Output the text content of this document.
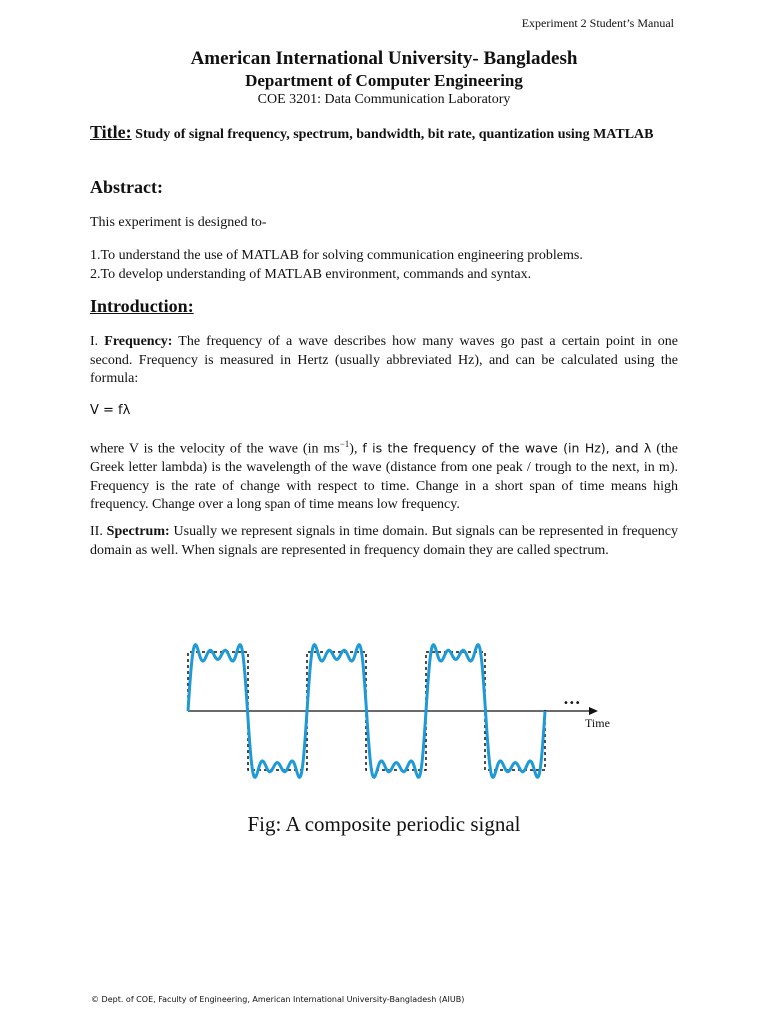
Experiment 2 Student’s Manual
American International University- Bangladesh
Department of Computer Engineering
COE 3201: Data Communication Laboratory
Title: Study of signal frequency, spectrum, bandwidth, bit rate, quantization using MATLAB
Abstract:
This experiment is designed to-
1.To understand the use of MATLAB for solving communication engineering problems.
2.To develop understanding of MATLAB environment, commands and syntax.
Introduction:
I. Frequency: The frequency of a wave describes how many waves go past a certain point in one second. Frequency is measured in Hertz (usually abbreviated Hz), and can be calculated using the formula:
V = fλ
where V is the velocity of the wave (in $ms^{-1}$), f is the frequency of the wave (in Hz), and λ (the Greek letter lambda) is the wavelength of the wave (distance from one peak / trough to the next, in m). Frequency is the rate of change with respect to time. Change in a short span of time means high frequency. Change over a long span of time means low frequency.
II. Spectrum: Usually we represent signals in time domain. But signals can be represented in frequency domain as well. When signals are represented in frequency domain they are called spectrum.
•••
Time
Fig: A composite periodic signal
© Dept. of COE, Faculty of Engineering, American International University-Bangladesh (AIUB)
